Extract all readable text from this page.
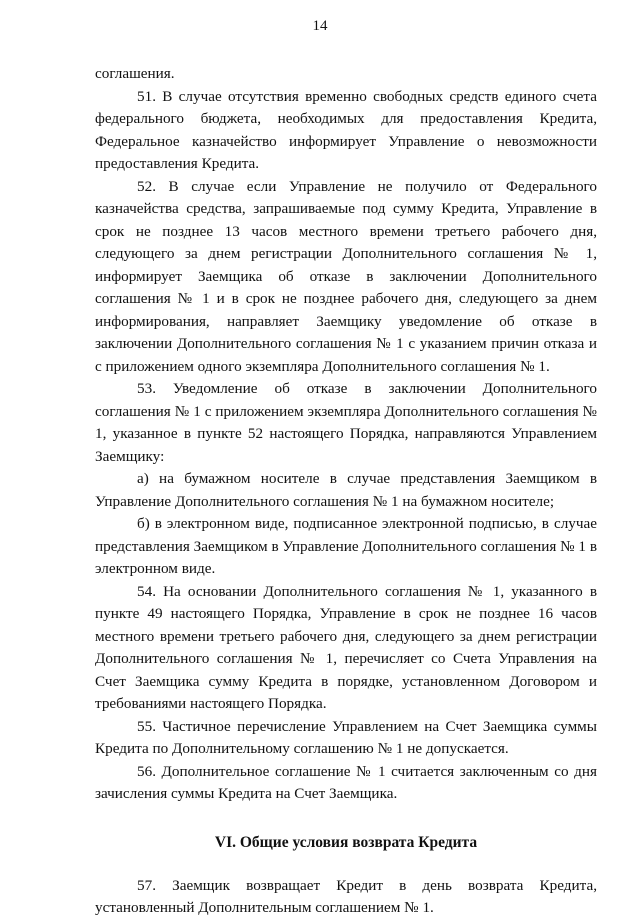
14

соглашения.

51. В случае отсутствия временно свободных средств единого счета федерального бюджета, необходимых для предоставления Кредита, Федеральное казначейство информирует Управление о невозможности предоставления Кредита.

52. В случае если Управление не получило от Федерального казначейства средства, запрашиваемые под сумму Кредита, Управление в срок не позднее 13 часов местного времени третьего рабочего дня, следующего за днем регистрации Дополнительного соглашения № 1, информирует Заемщика об отказе в заключении Дополнительного соглашения № 1 и в срок не позднее рабочего дня, следующего за днем информирования, направляет Заемщику уведомление об отказе в заключении Дополнительного соглашения № 1 с указанием причин отказа и с приложением одного экземпляра Дополнительного соглашения № 1.

53. Уведомление об отказе в заключении Дополнительного соглашения № 1 с приложением экземпляра Дополнительного соглашения № 1, указанное в пункте 52 настоящего Порядка, направляются Управлением Заемщику:

а) на бумажном носителе в случае представления Заемщиком в Управление Дополнительного соглашения № 1 на бумажном носителе;

б) в электронном виде, подписанное электронной подписью, в случае представления Заемщиком в Управление Дополнительного соглашения № 1 в электронном виде.

54. На основании Дополнительного соглашения № 1, указанного в пункте 49 настоящего Порядка, Управление в срок не позднее 16 часов местного времени третьего рабочего дня, следующего за днем регистрации Дополнительного соглашения № 1, перечисляет со Счета Управления на Счет Заемщика сумму Кредита в порядке, установленном Договором и требованиями настоящего Порядка.

55. Частичное перечисление Управлением на Счет Заемщика суммы Кредита по Дополнительному соглашению № 1 не допускается.

56. Дополнительное соглашение № 1 считается заключенным со дня зачисления суммы Кредита на Счет Заемщика.

VI. Общие условия возврата Кредита

57. Заемщик возвращает Кредит в день возврата Кредита, установленный Дополнительным соглашением № 1.
